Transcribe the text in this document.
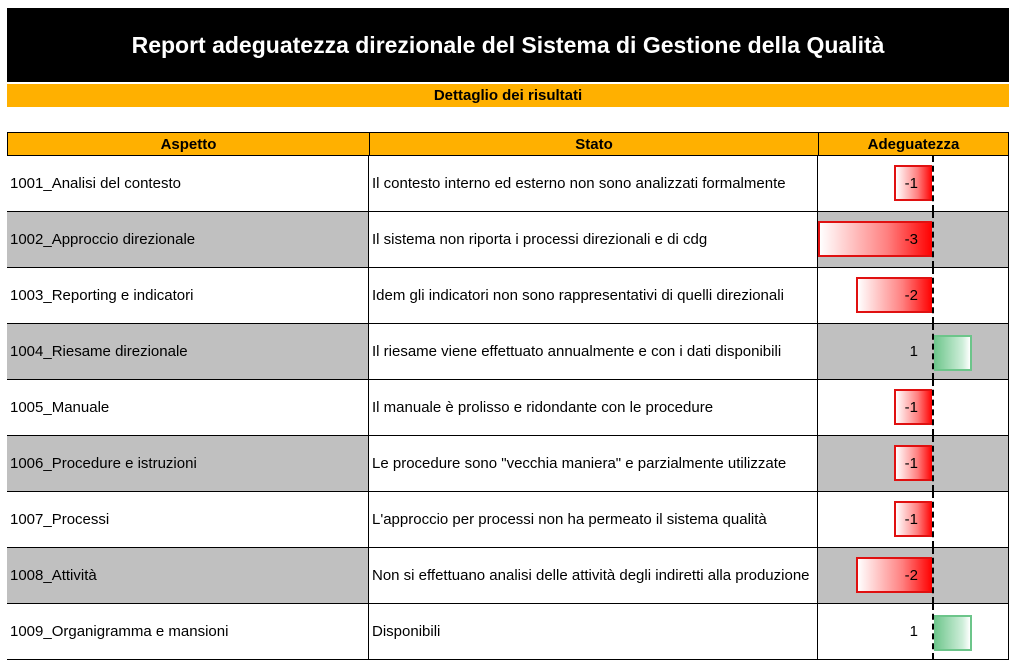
Report adeguatezza direzionale del Sistema di Gestione della Qualità
Dettaglio dei risultati
Aspetto	Stato	Adeguatezza
1001_Analisi del contesto	Il contesto interno ed esterno non sono analizzati formalmente	-1
1002_Approccio direzionale	Il sistema non riporta i processi direzionali e di cdg	-3
1003_Reporting e indicatori	Idem gli indicatori non sono rappresentativi di quelli direzionali	-2
1004_Riesame direzionale	Il riesame viene effettuato annualmente e con i dati disponibili	1
1005_Manuale	Il manuale è prolisso e ridondante con le procedure	-1
1006_Procedure e istruzioni	Le procedure sono "vecchia maniera" e parzialmente utilizzate	-1
1007_Processi	L'approccio per processi non ha permeato il sistema qualità	-1
1008_Attività	Non si effettuano analisi delle attività degli indiretti alla produzione	-2
1009_Organigramma e mansioni	Disponibili	1
